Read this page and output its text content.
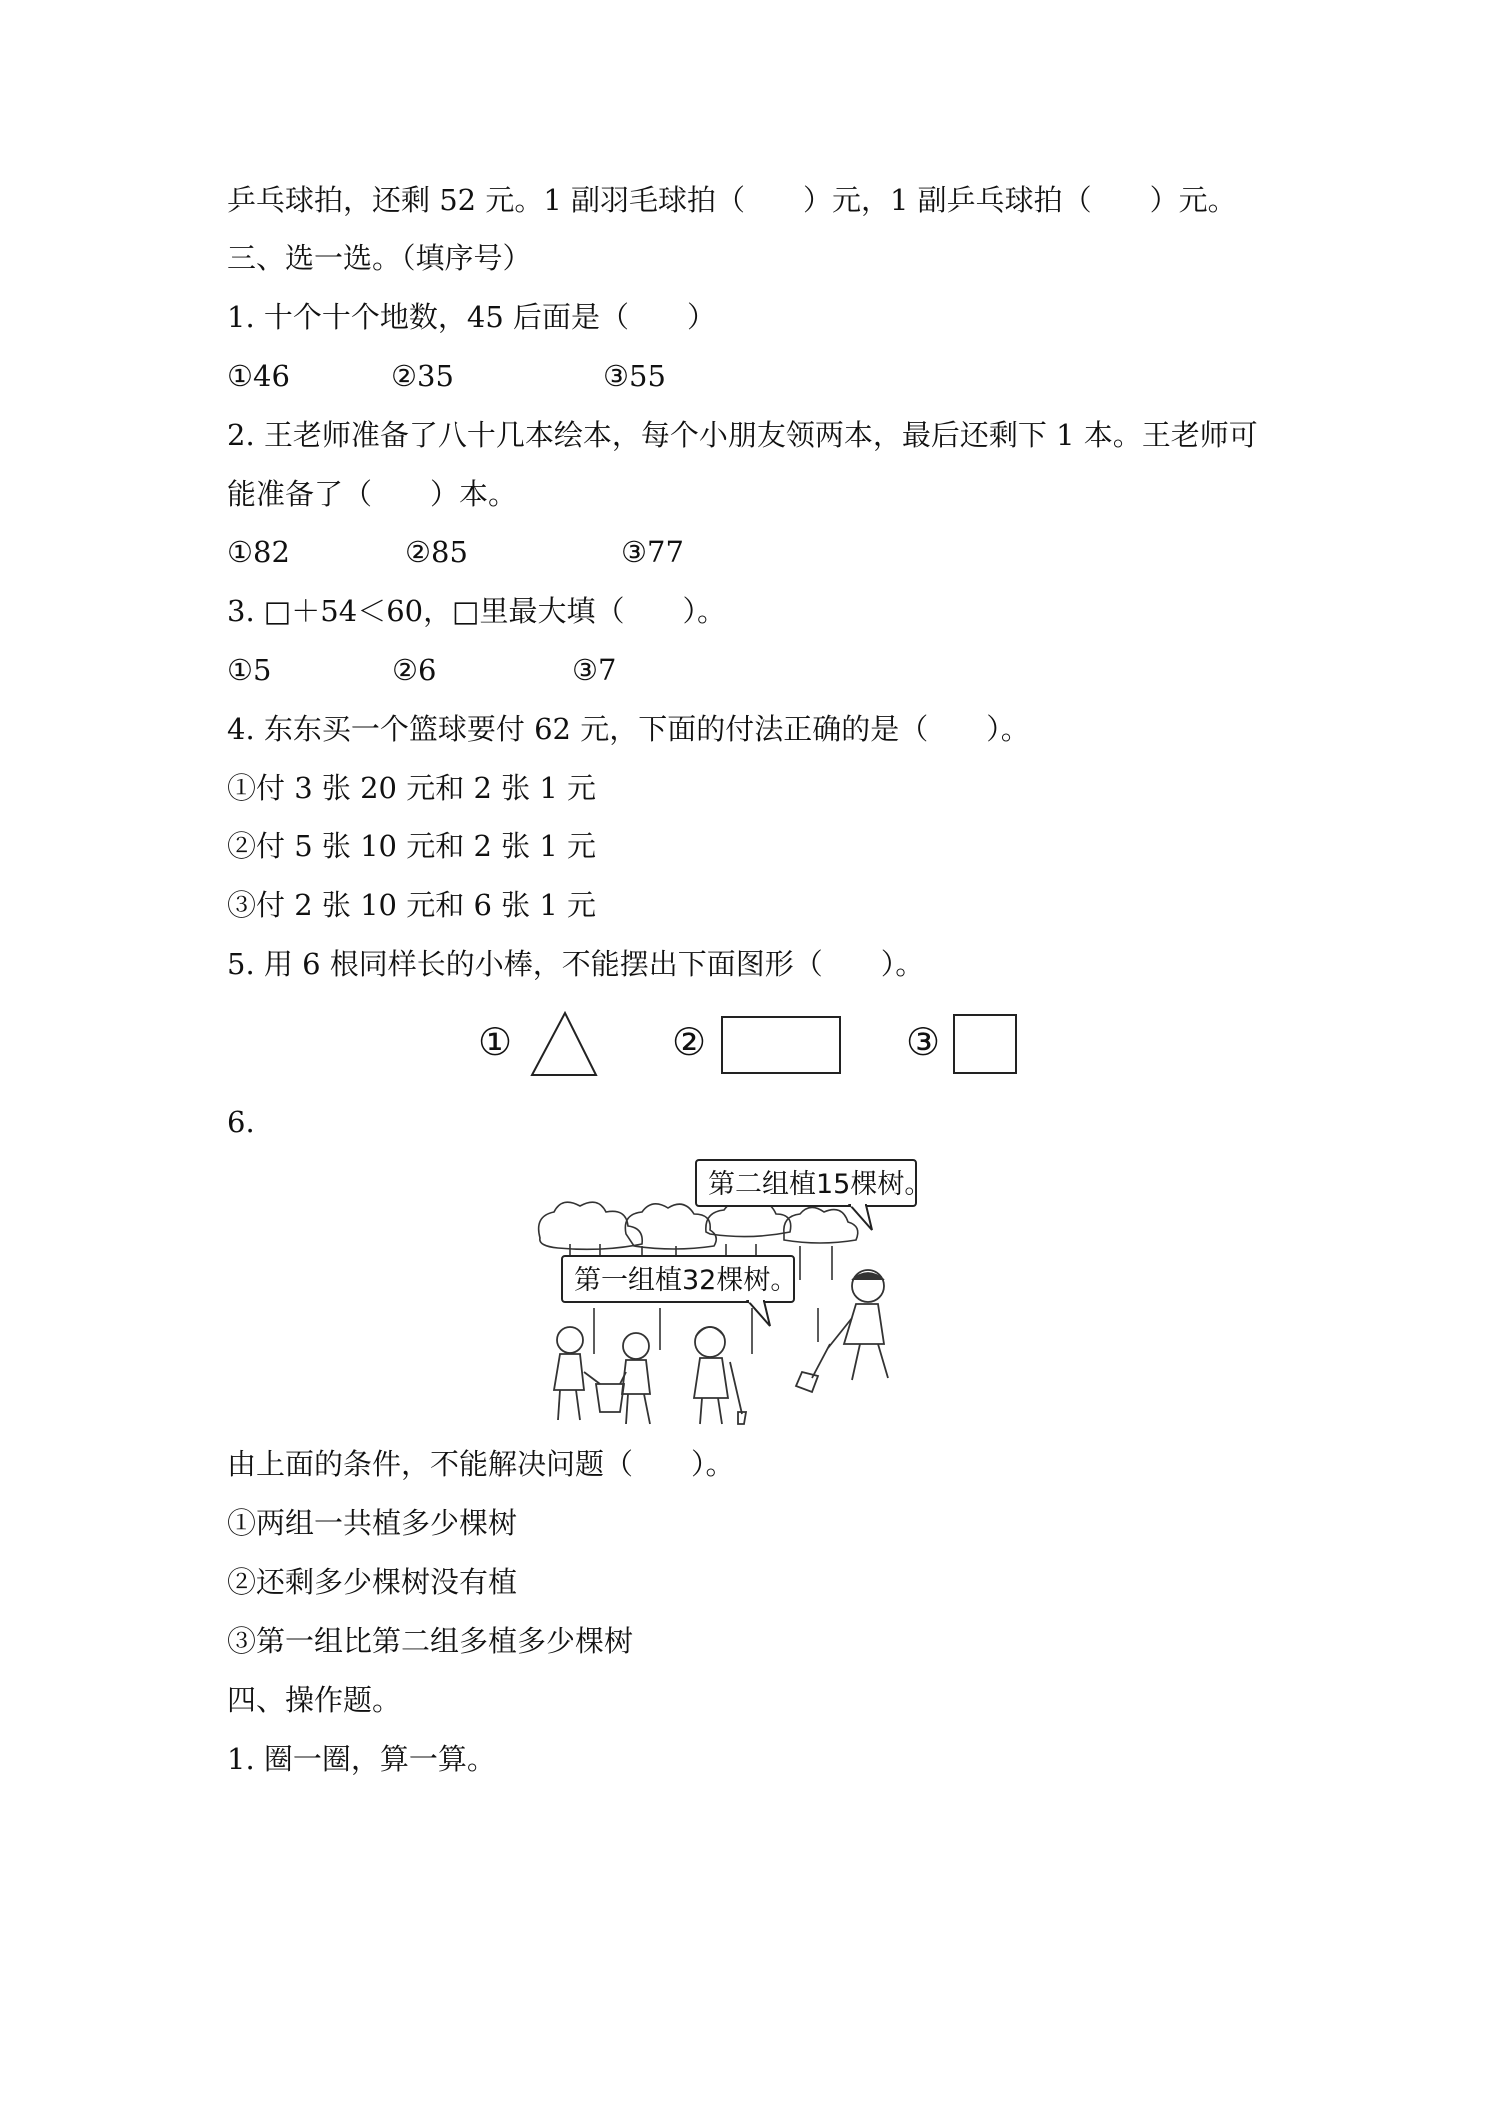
乒乓球拍，还剩 52 元。1 副羽毛球拍（　　）元，1 副乒乓球拍（　　）元。
三、选一选。（填序号）
1. 十个十个地数，45 后面是（　　）
①46	②35	③55
2. 王老师准备了八十几本绘本，每个小朋友领两本，最后还剩下 1 本。王老师可
能准备了（　　）本。
①82	②85	③77
3. □＋54＜60，□里最大填（　　）。
①5	②6	③7
4. 东东买一个篮球要付 62 元，下面的付法正确的是（　　）。
①付 3 张 20 元和 2 张 1 元
②付 5 张 10 元和 2 张 1 元
③付 2 张 10 元和 6 张 1 元
5. 用 6 根同样长的小棒，不能摆出下面图形（　　）。
①	②	③
6.
第二组植15棵树。
第一组植32棵树。
由上面的条件，不能解决问题（　　）。
①两组一共植多少棵树
②还剩多少棵树没有植
③第一组比第二组多植多少棵树
四、操作题。
1. 圈一圈，算一算。
